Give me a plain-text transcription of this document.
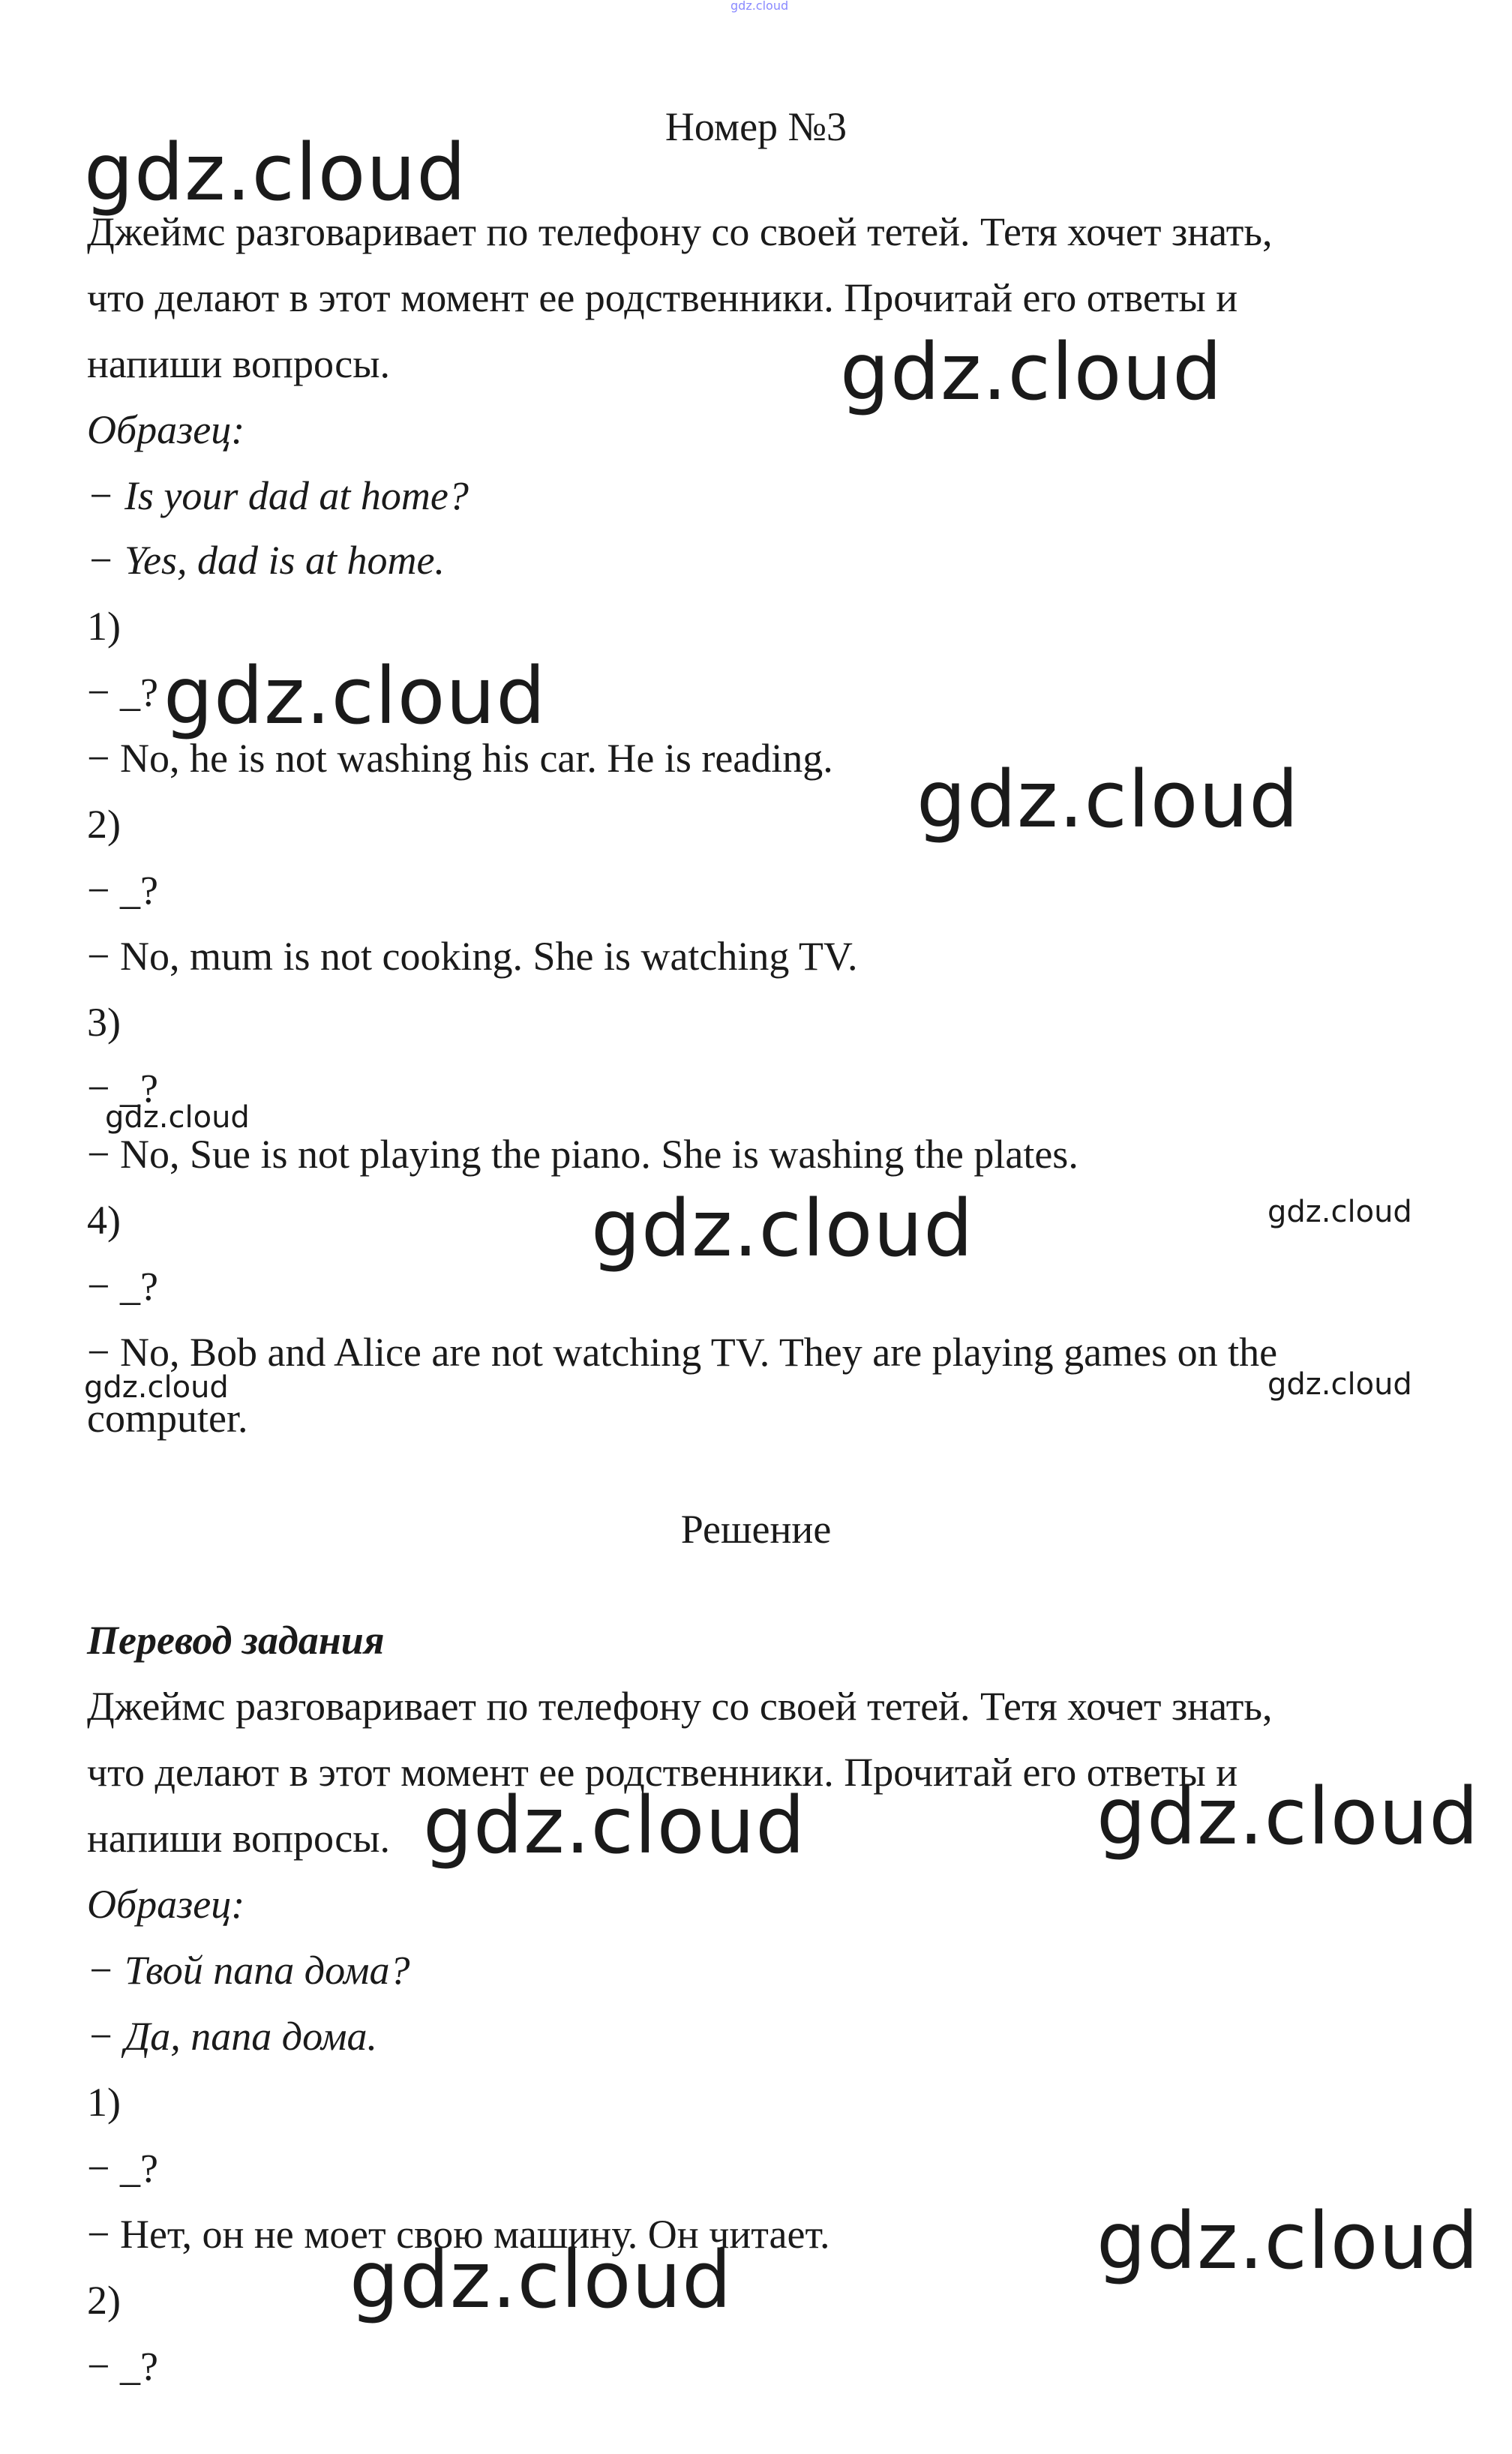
gdz.cloud
Номер №3
Джеймс разговаривает по телефону со своей тетей. Тетя хочет знать,
что делают в этот момент ее родственники. Прочитай его ответы и
напиши вопросы.
Образец:
− Is your dad at home?
− Yes, dad is at home.
1)
− _?
− No, he is not washing his car. He is reading.
2)
− _?
− No, mum is not cooking. She is watching TV.
3)
− _?
− No, Sue is not playing the piano. She is washing the plates.
4)
− _?
− No, Bob and Alice are not watching TV. They are playing games on the
computer.
Решение
Перевод задания
Джеймс разговаривает по телефону со своей тетей. Тетя хочет знать,
что делают в этот момент ее родственники. Прочитай его ответы и
напиши вопросы.
Образец:
− Твой папа дома?
− Да, папа дома.
1)
− _?
− Нет, он не моет свою машину. Он читает.
2)
− _?
gdz.cloud
gdz.cloud
gdz.cloud
gdz.cloud
gdz.cloud
gdz.cloud	gdz.cloud
gdz.cloud	gdz.cloud
gdz.cloud	gdz.cloud
gdz.cloud
gdz.cloud
